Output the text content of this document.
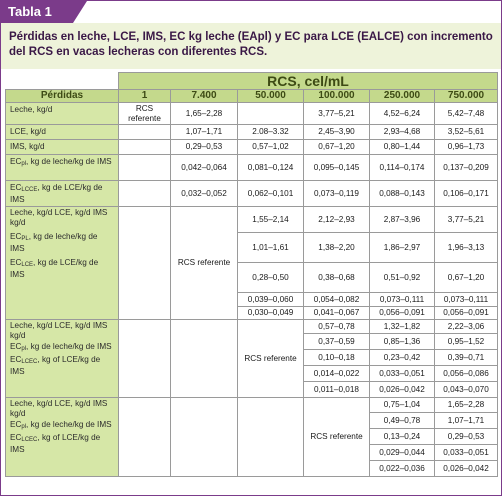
Tabla 1
Pérdidas en leche, LCE, IMS, EC kg leche (EApl) y EC para LCE (EALCE) con incremento del RCS en vacas lecheras con diferentes RCS.
	RCS, cel/mL					
Pérdidas	1	7.400	50.000	100.000	250.000	750.000
Leche, kg/d	RCS referente	1,65–2,28		3,77–5,21	4,52–6,24	5,42–7,48
LCE, kg/d		1,07–1,71	2.08–3.32	2,45–3,90	2,93–4,68	3,52–5,61
IMS, kg/d		0,29–0,53	0,57–1,02	0,67–1,20	0,80–1,44	0,96–1,73
$EC_{pl}$, kg de leche/kg de IMS		0,042–0,064	0,081–0,124	0,095–0,145	0,114–0,174	0,137–0,209
$EC_{LCCE}$, kg de LCE/kg de IMS		0,032–0,052	0,062–0,101	0,073–0,119	0,088–0,143	0,106–0,171

Leche, kg/d LCE, kg/d IMS kg/d
$EC_{PL}$, kg de leche/kg de IMS
$EC_{LCE}$, kg de LCE/kg de IMS		RCS referente	1,55–2,14	2,12–2,93	2,87–3,96	3,77–5,21
			1,01–1,61	1,38–2,20	1,86–2,97	1,96–3,13
			0,28–0,50	0,38–0,68	0,51–0,92	0,67–1,20
			0,039–0,060	0,054–0,082	0,073–0,111	0,073–0,111
			0,030–0,049	0,041–0,067	0,056–0,091	0,056–0,091

Leche, kg/d LCE, kg/d IMS kg/d
$EC_{pl}$, kg de leche/kg de IMS
$EC_{LCEC}$, kg of LCE/kg de IMS			RCS referente	0,57–0,78	1,32–1,82	2,22–3,06
				0,37–0,59	0,85–1,36	0,95–1,52
				0,10–0,18	0,23–0,42	0,39–0,71
				0,014–0,022	0,033–0,051	0,056–0,086
				0,011–0,018	0,026–0,042	0,043–0,070

Leche, kg/d LCE, kg/d IMS kg/d
$EC_{pl}$, kg de leche/kg de IMS
$EC_{LCEC}$, kg of LCE/kg de IMS				RCS referente	0,75–1,04	1,65–2,28
					0,49–0,78	1,07–1,71
					0,13–0,24	0,29–0,53
					0,029–0,044	0,033–0,051
					0,022–0,036	0,026–0,042
